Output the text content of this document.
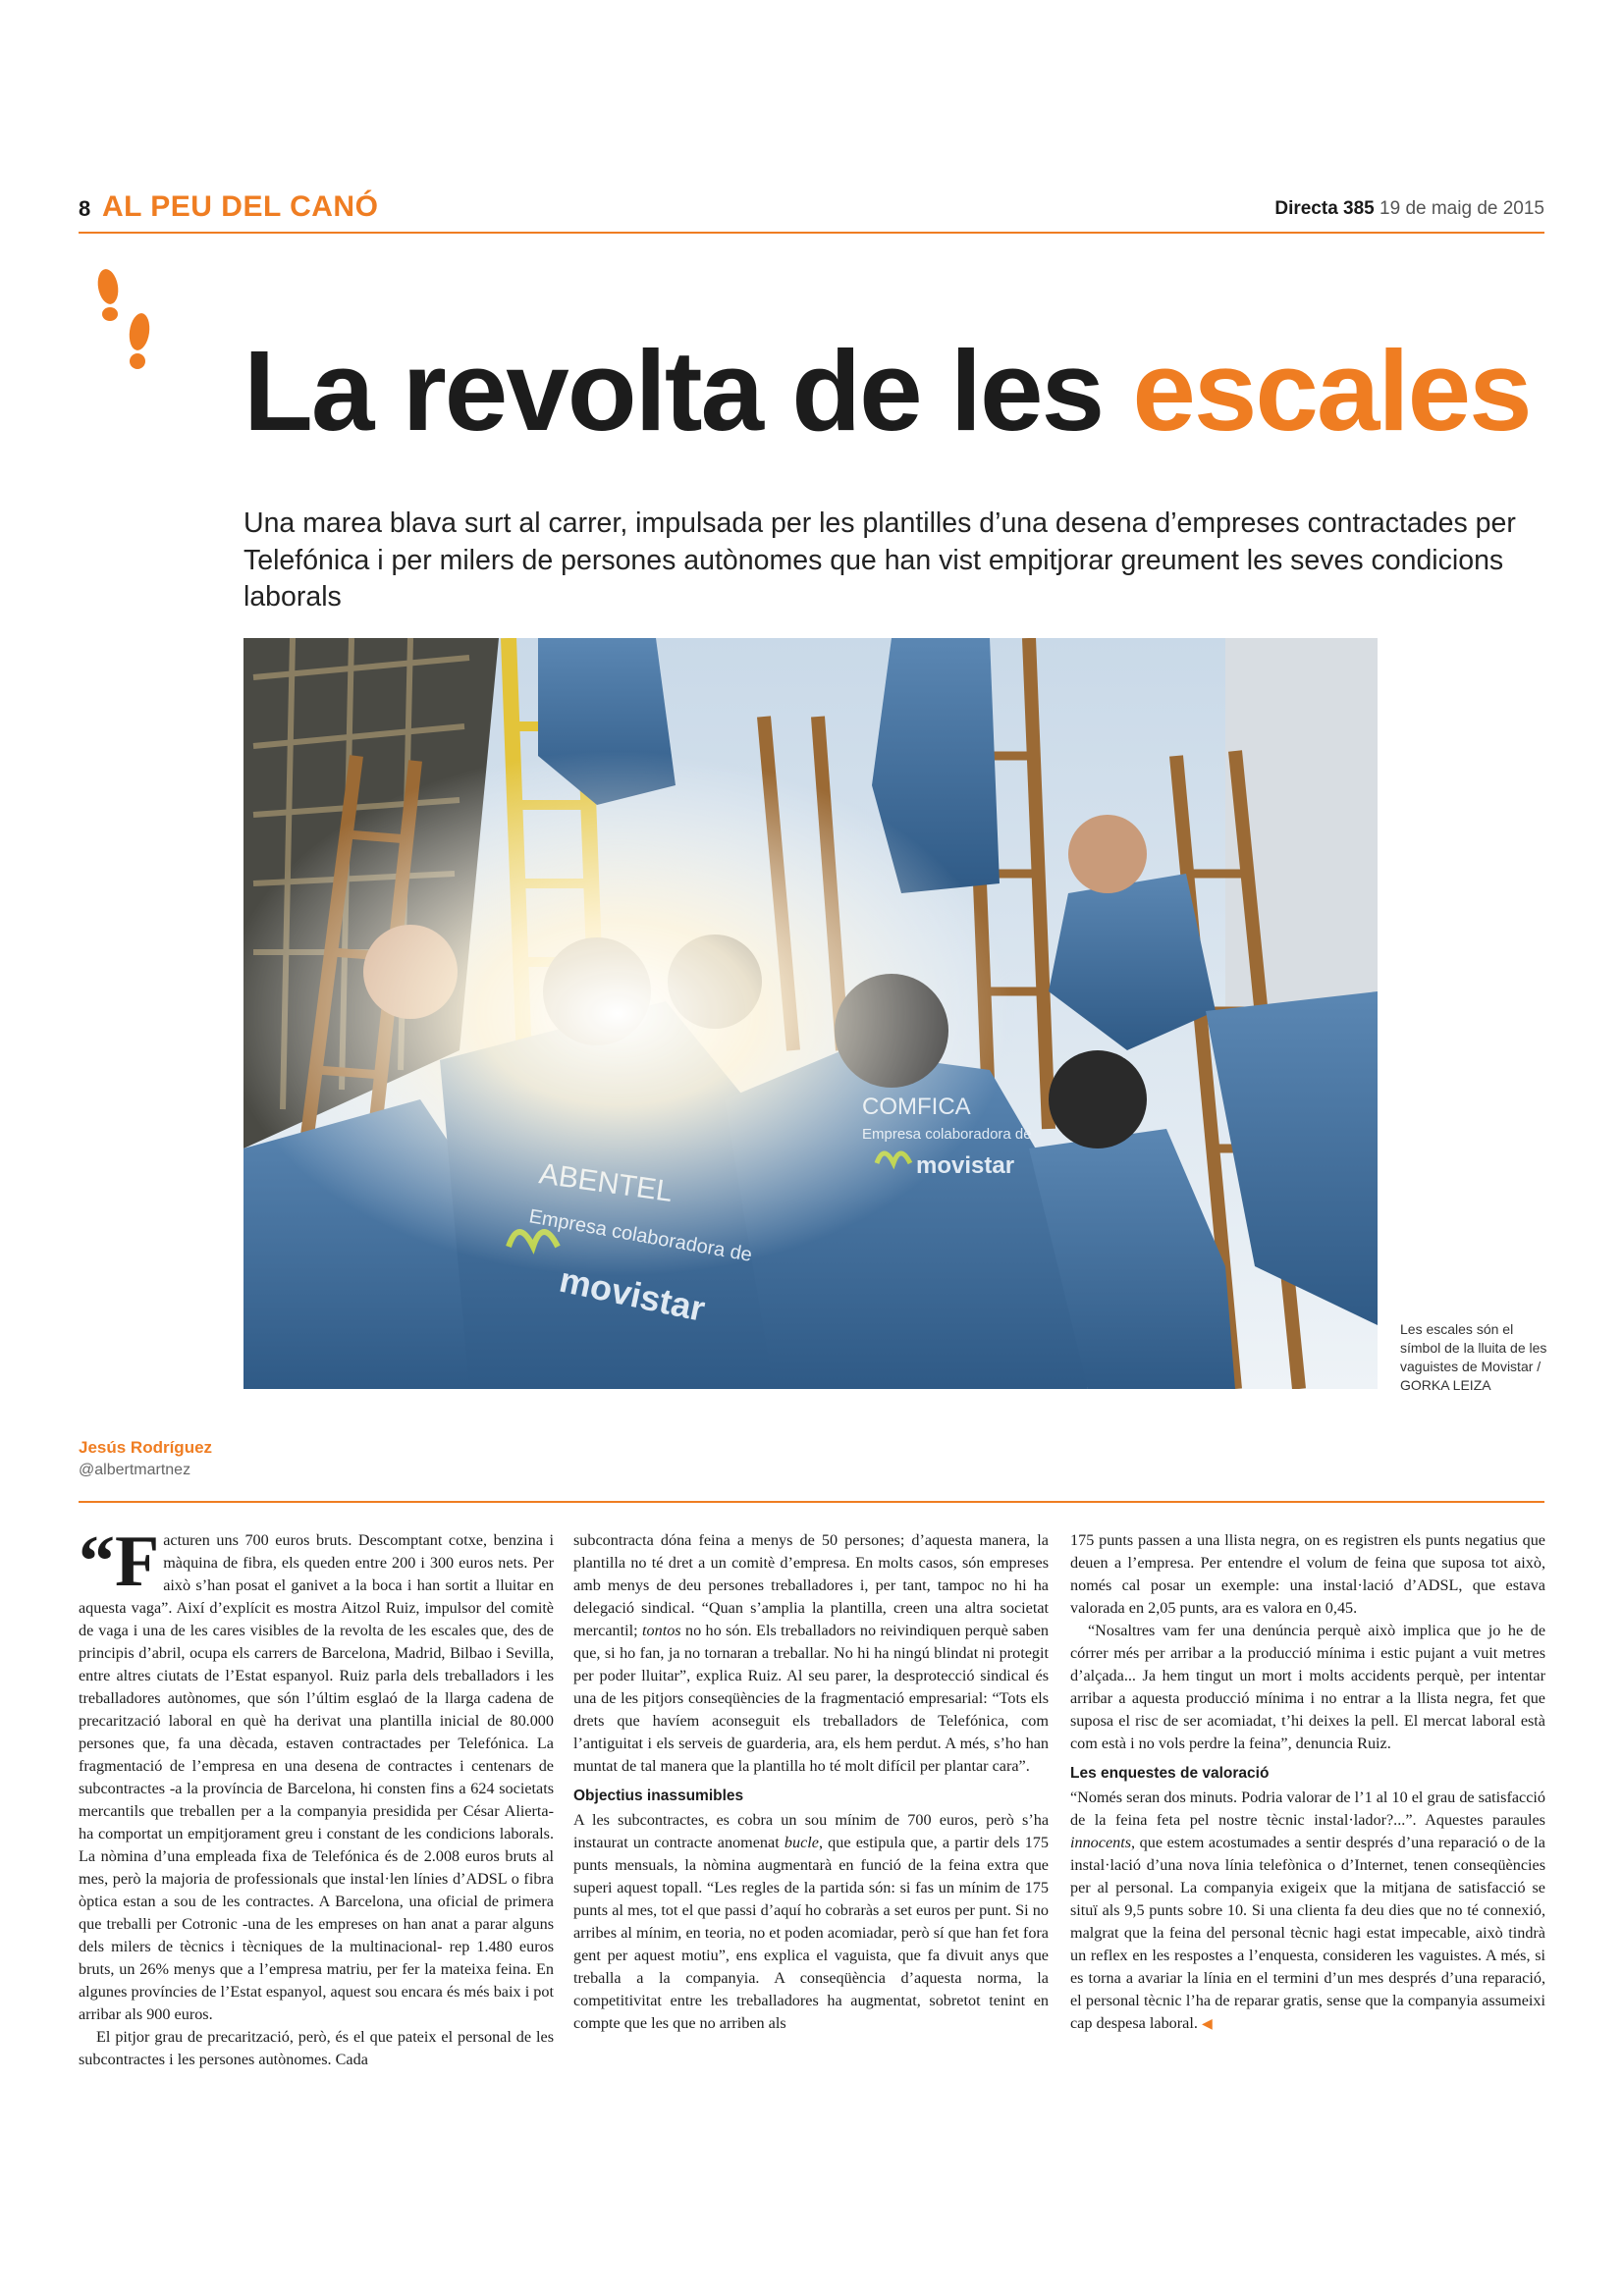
8 AL PEU DEL CANÓ	Directa 385 19 de maig de 2015
La revolta de les escales
Una marea blava surt al carrer, impulsada per les plantilles d’una desena d’empreses contractades per Telefónica i per milers de persones autònomes que han vist empitjorar greument les seves condicions laborals
Les escales són el símbol de la lluita de les vaguistes de Movistar / GORKA LEIZA
Jesús Rodríguez
@albertmartnez

“Facturen uns 700 euros bruts. Descomptant cotxe, benzina i màquina de fibra, els queden entre 200 i 300 euros nets. Per això s’han posat el ganivet a la boca i han sortit a lluitar en aquesta vaga”. Així d’explícit es mostra Aitzol Ruiz, impulsor del comitè de vaga i una de les cares visibles de la revolta de les escales que, des de principis d’abril, ocupa els carrers de Barcelona, Madrid, Bilbao i Sevilla, entre altres ciutats de l’Estat espanyol. Ruiz parla dels treballadors i les treballadores autònomes, que són l’últim esglaó de la llarga cadena de precarització laboral en què ha derivat una plantilla inicial de 80.000 persones que, fa una dècada, estaven contractades per Telefónica. La fragmentació de l’empresa en una desena de contractes i centenars de subcontractes -a la província de Barcelona, hi consten fins a 624 societats mercantils que treballen per a la companyia presidida per César Alierta- ha comportat un empitjorament greu i constant de les condicions laborals. La nòmina d’una empleada fixa de Telefónica és de 2.008 euros bruts al mes, però la majoria de professionals que instal·len línies d’ADSL o fibra òptica estan a sou de les contractes. A Barcelona, una oficial de primera que treballi per Cotronic -una de les empreses on han anat a parar alguns dels milers de tècnics i tècniques de la multinacional- rep 1.480 euros bruts, un 26% menys que a l’empresa matriu, per fer la mateixa feina. En algunes províncies de l’Estat espanyol, aquest sou encara és més baix i pot arribar als 900 euros.

El pitjor grau de precarització, però, és el que pateix el personal de les subcontractes i les persones autònomes. Cada

subcontracta dóna feina a menys de 50 persones; d’aquesta manera, la plantilla no té dret a un comitè d’empresa. En molts casos, són empreses amb menys de deu persones treballadores i, per tant, tampoc no hi ha delegació sindical. “Quan s’amplia la plantilla, creen una altra societat mercantil; tontos no ho són. Els treballadors no reivindiquen perquè saben que, si ho fan, ja no tornaran a treballar. No hi ha ningú blindat ni protegit per poder lluitar”, explica Ruiz. Al seu parer, la desprotecció sindical és una de les pitjors conseqüències de la fragmentació empresarial: “Tots els drets que havíem aconseguit els treballadors de Telefónica, com l’antiguitat i els serveis de guarderia, ara, els hem perdut. A més, s’ho han muntat de tal manera que la plantilla ho té molt difícil per plantar cara”.

Objectius inassumibles

A les subcontractes, es cobra un sou mínim de 700 euros, però s’ha instaurat un contracte anomenat bucle, que estipula que, a partir dels 175 punts mensuals, la nòmina augmentarà en funció de la feina extra que superi aquest topall. “Les regles de la partida són: si fas un mínim de 175 punts al mes, tot el que passi d’aquí ho cobraràs a set euros per punt. Si no arribes al mínim, en teoria, no et poden acomiadar, però sí que han fet fora gent per aquest motiu”, ens explica el vaguista, que fa divuit anys que treballa a la companyia. A conseqüència d’aquesta norma, la competitivitat entre les treballadores ha augmentat, sobretot tenint en compte que les que no arriben als

175 punts passen a una llista negra, on es registren els punts negatius que deuen a l’empresa. Per entendre el volum de feina que suposa tot això, només cal posar un exemple: una instal·lació d’ADSL, que estava valorada en 2,05 punts, ara es valora en 0,45.

“Nosaltres vam fer una denúncia perquè això implica que jo he de córrer més per arribar a la producció mínima i estic pujant a vuit metres d’alçada... Ja hem tingut un mort i molts accidents perquè, per intentar arribar a aquesta producció mínima i no entrar a la llista negra, fet que suposa el risc de ser acomiadat, t’hi deixes la pell. El mercat laboral està com està i no vols perdre la feina”, denuncia Ruiz.

Les enquestes de valoració

“Només seran dos minuts. Podria valorar de l’1 al 10 el grau de satisfacció de la feina feta pel nostre tècnic instal·lador?...”. Aquestes paraules innocents, que estem acostumades a sentir després d’una reparació o de la instal·lació d’una nova línia telefònica o d’Internet, tenen conseqüències per al personal. La companyia exigeix que la mitjana de satisfacció se situï als 9,5 punts sobre 10. Si una clienta fa deu dies que no té connexió, malgrat que la feina del personal tècnic hagi estat impecable, això tindrà un reflex en les respostes a l’enquesta, consideren les vaguistes. A més, si es torna a avariar la línia en el termini d’un mes després d’una reparació, el personal tècnic l’ha de reparar gratis, sense que la companyia assumeixi cap despesa laboral. ◀
